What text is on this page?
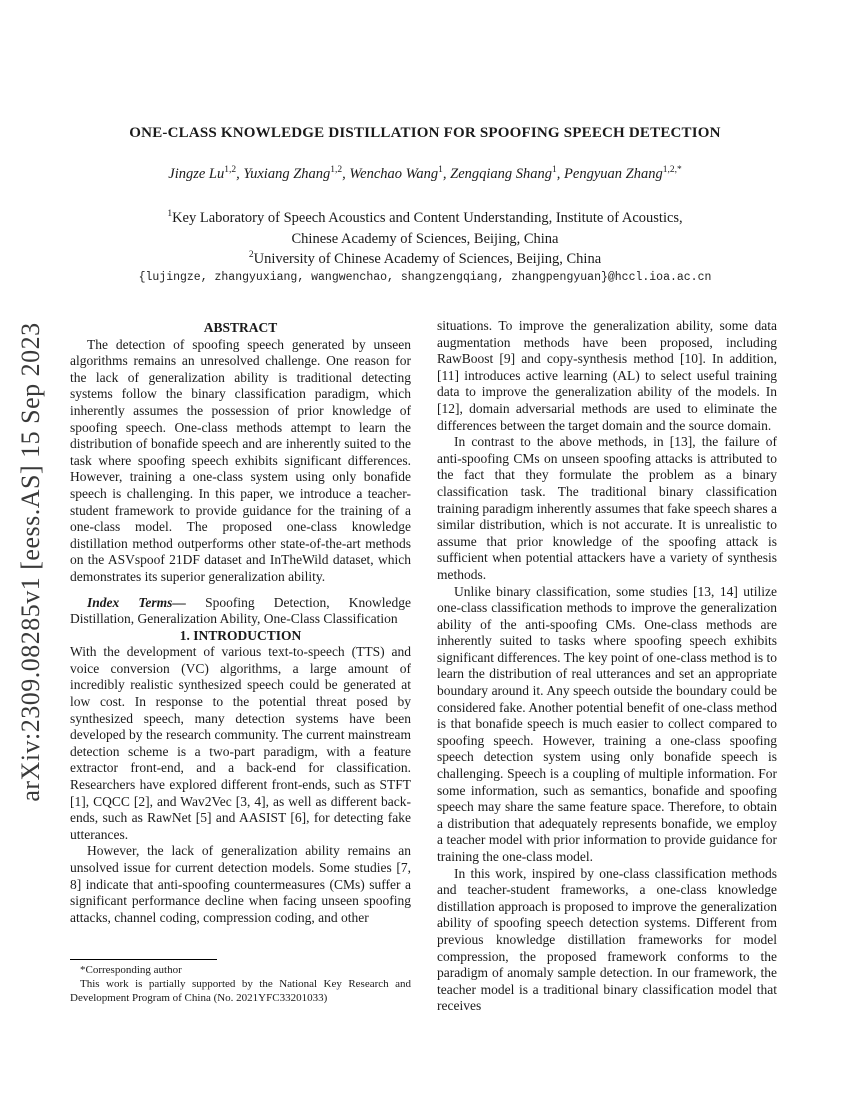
arXiv:2309.08285v1 [eess.AS] 15 Sep 2023
ONE-CLASS KNOWLEDGE DISTILLATION FOR SPOOFING SPEECH DETECTION
Jingze Lu$^{1,2}$, Yuxiang Zhang$^{1,2}$, Wenchao Wang$^1$, Zengqiang Shang$^1$, Pengyuan Zhang$^{1,2,*}$
$^1$Key Laboratory of Speech Acoustics and Content Understanding, Institute of Acoustics,
Chinese Academy of Sciences, Beijing, China
$^2$University of Chinese Academy of Sciences, Beijing, China
{lujingze, zhangyuxiang, wangwenchao, shangzengqiang, zhangpengyuan}@hccl.ioa.ac.cn

ABSTRACT

The detection of spoofing speech generated by unseen algorithms remains an unresolved challenge. One reason for the lack of generalization ability is traditional detecting systems follow the binary classification paradigm, which inherently assumes the possession of prior knowledge of spoofing speech. One-class methods attempt to learn the distribution of bonafide speech and are inherently suited to the task where spoofing speech exhibits significant differences. However, training a one-class system using only bonafide speech is challenging. In this paper, we introduce a teacher-student framework to provide guidance for the training of a one-class model. The proposed one-class knowledge distillation method outperforms other state-of-the-art methods on the ASVspoof 21DF dataset and InTheWild dataset, which demonstrates its superior generalization ability.

Index Terms— Spoofing Detection, Knowledge Distillation, Generalization Ability, One-Class Classification

1. INTRODUCTION

With the development of various text-to-speech (TTS) and voice conversion (VC) algorithms, a large amount of incredibly realistic synthesized speech could be generated at low cost. In response to the potential threat posed by synthesized speech, many detection systems have been developed by the research community. The current mainstream detection scheme is a two-part paradigm, with a feature extractor front-end, and a back-end for classification. Researchers have explored different front-ends, such as STFT [1], CQCC [2], and Wav2Vec [3, 4], as well as different back-ends, such as RawNet [5] and AASIST [6], for detecting fake utterances.

However, the lack of generalization ability remains an unsolved issue for current detection models. Some studies [7, 8] indicate that anti-spoofing countermeasures (CMs) suffer a significant performance decline when facing unseen spoofing attacks, channel coding, compression coding, and other

*Corresponding author

This work is partially supported by the National Key Research and Development Program of China (No. 2021YFC33201033)

situations. To improve the generalization ability, some data augmentation methods have been proposed, including RawBoost [9] and copy-synthesis method [10]. In addition, [11] introduces active learning (AL) to select useful training data to improve the generalization ability of the models. In [12], domain adversarial methods are used to eliminate the differences between the target domain and the source domain.

In contrast to the above methods, in [13], the failure of anti-spoofing CMs on unseen spoofing attacks is attributed to the fact that they formulate the problem as a binary classification task. The traditional binary classification training paradigm inherently assumes that fake speech shares a similar distribution, which is not accurate. It is unrealistic to assume that prior knowledge of the spoofing attack is sufficient when potential attackers have a variety of synthesis methods.

Unlike binary classification, some studies [13, 14] utilize one-class classification methods to improve the generalization ability of the anti-spoofing CMs. One-class methods are inherently suited to tasks where spoofing speech exhibits significant differences. The key point of one-class method is to learn the distribution of real utterances and set an appropriate boundary around it. Any speech outside the boundary could be considered fake. Another potential benefit of one-class method is that bonafide speech is much easier to collect compared to spoofing speech. However, training a one-class spoofing speech detection system using only bonafide speech is challenging. Speech is a coupling of multiple information. For some information, such as semantics, bonafide and spoofing speech may share the same feature space. Therefore, to obtain a distribution that adequately represents bonafide, we employ a teacher model with prior information to provide guidance for training the one-class model.

In this work, inspired by one-class classification methods and teacher-student frameworks, a one-class knowledge distillation approach is proposed to improve the generalization ability of spoofing speech detection systems. Different from previous knowledge distillation frameworks for model compression, the proposed framework conforms to the paradigm of anomaly sample detection. In our framework, the teacher model is a traditional binary classification model that receives
